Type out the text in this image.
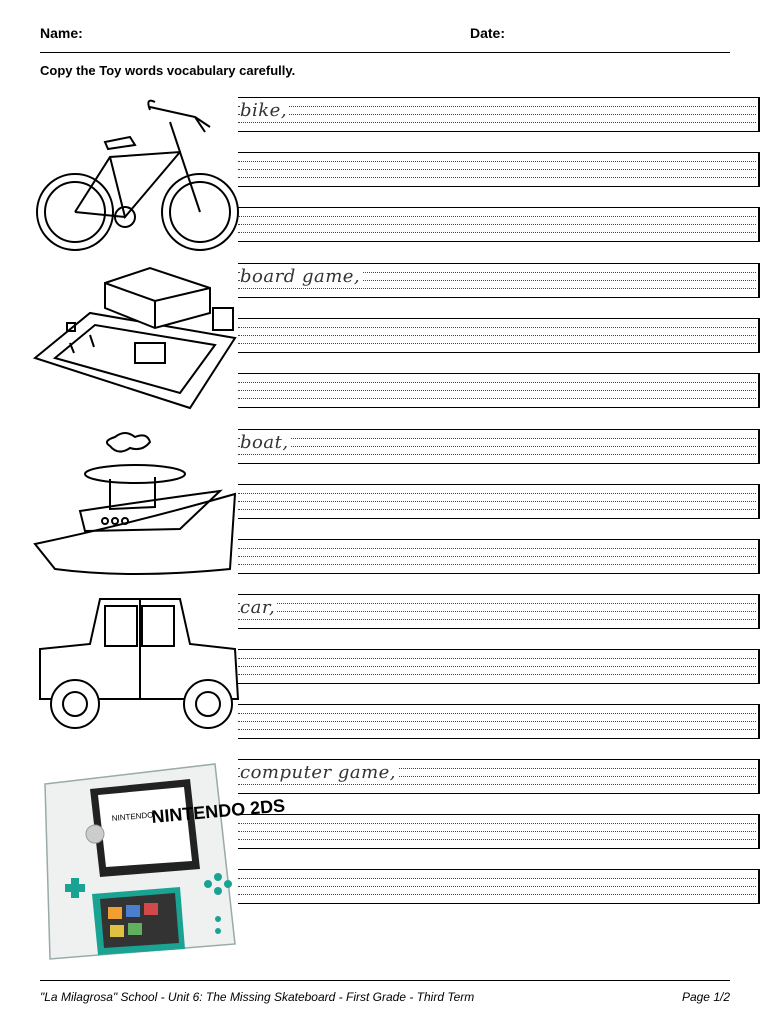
Name:	Date:
Copy the Toy words vocabulary carefully.
bike,
board game,
boat,
car,
NINTENDO
NINTENDO 2DS
computer game,
"La Milagrosa" School - Unit 6: The Missing Skateboard - First Grade - Third Term	Page 1/2
